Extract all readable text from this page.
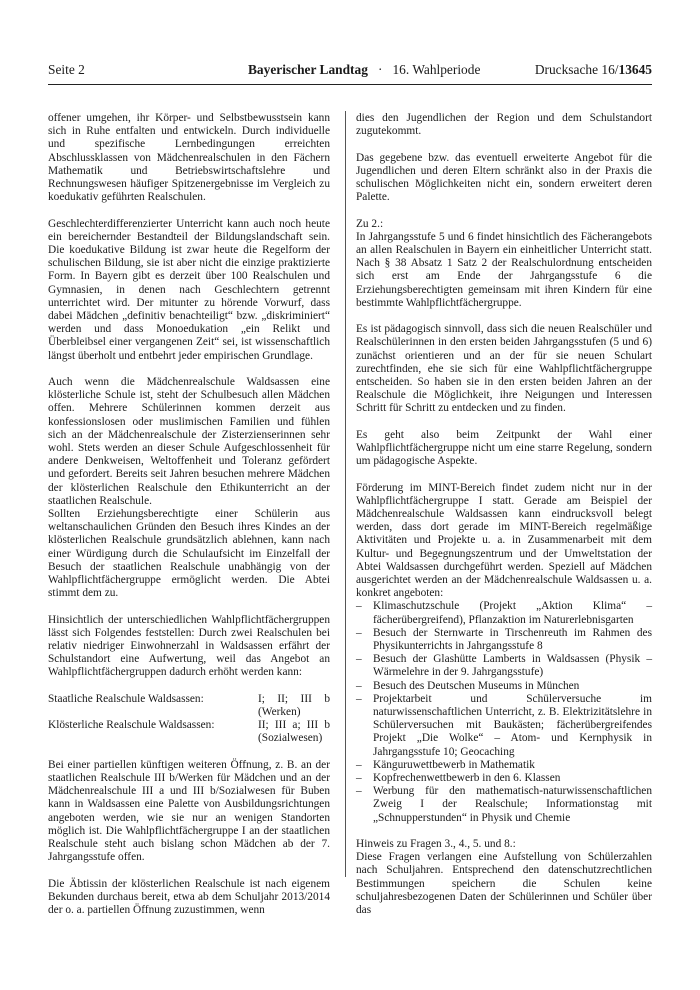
Seite 2	Bayerischer Landtag · 16. Wahlperiode	Drucksache 16/13645

offener umgehen, ihr Körper- und Selbstbewusstsein kann sich in Ruhe entfalten und entwickeln. Durch individuelle und spezifische Lernbedingungen erreichten Abschlussklassen von Mädchenrealschulen in den Fächern Mathematik und Betriebswirtschaftslehre und Rechnungswesen häufiger Spitzenergebnisse im Vergleich zu koedukativ geführten Realschulen.

Geschlechterdifferenzierter Unterricht kann auch noch heute ein bereichernder Bestandteil der Bildungslandschaft sein. Die koedukative Bildung ist zwar heute die Regelform der schulischen Bildung, sie ist aber nicht die einzige praktizierte Form. In Bayern gibt es derzeit über 100 Realschulen und Gymnasien, in denen nach Geschlechtern getrennt unterrichtet wird. Der mitunter zu hörende Vorwurf, dass dabei Mädchen „definitiv benachteiligt“ bzw. „diskriminiert“ werden und dass Monoedukation „ein Relikt und Überbleibsel einer vergangenen Zeit“ sei, ist wissenschaftlich längst überholt und entbehrt jeder empirischen Grundlage.

Auch wenn die Mädchenrealschule Waldsassen eine klösterliche Schule ist, steht der Schulbesuch allen Mädchen offen. Mehrere Schülerinnen kommen derzeit aus konfessionslosen oder muslimischen Familien und fühlen sich an der Mädchenrealschule der Zisterzienserinnen sehr wohl. Stets werden an dieser Schule Aufgeschlossenheit für andere Denkweisen, Weltoffenheit und Toleranz gefördert und gefordert. Bereits seit Jahren besuchen mehrere Mädchen der klösterlichen Realschule den Ethikunterricht an der staatlichen Realschule.

Sollten Erziehungsberechtigte einer Schülerin aus weltanschaulichen Gründen den Besuch ihres Kindes an der klösterlichen Realschule grundsätzlich ablehnen, kann nach einer Würdigung durch die Schulaufsicht im Einzelfall der Besuch der staatlichen Realschule unabhängig von der Wahlpflichtfächergruppe ermöglicht werden. Die Abtei stimmt dem zu.

Hinsichtlich der unterschiedlichen Wahlpflichtfächergruppen lässt sich Folgendes feststellen: Durch zwei Realschulen bei relativ niedriger Einwohnerzahl in Waldsassen erfährt der Schulstandort eine Aufwertung, weil das Angebot an Wahlpflichtfächergruppen dadurch erhöht werden kann:

Staatliche Realschule Waldsassen:	I; II; III b (Werken)
Klösterliche Realschule Waldsassen:	II; III a; III b (Sozialwesen)

Bei einer partiellen künftigen weiteren Öffnung, z. B. an der staatlichen Realschule III b/Werken für Mädchen und an der Mädchenrealschule III a und III b/Sozialwesen für Buben kann in Waldsassen eine Palette von Ausbildungsrichtungen angeboten werden, wie sie nur an wenigen Standorten möglich ist. Die Wahlpflichtfächergruppe I an der staatlichen Realschule steht auch bislang schon Mädchen ab der 7. Jahrgangsstufe offen.

Die Äbtissin der klösterlichen Realschule ist nach eigenem Bekunden durchaus bereit, etwa ab dem Schuljahr 2013/2014 der o. a. partiellen Öffnung zuzustimmen, wenn

dies den Jugendlichen der Region und dem Schulstandort zugutekommt.

Das gegebene bzw. das eventuell erweiterte Angebot für die Jugendlichen und deren Eltern schränkt also in der Praxis die schulischen Möglichkeiten nicht ein, sondern erweitert deren Palette.

Zu 2.:

In Jahrgangsstufe 5 und 6 findet hinsichtlich des Fächerangebots an allen Realschulen in Bayern ein einheitlicher Unterricht statt. Nach § 38 Absatz 1 Satz 2 der Realschulordnung entscheiden sich erst am Ende der Jahrgangsstufe 6 die Erziehungsberechtigten gemeinsam mit ihren Kindern für eine bestimmte Wahlpflichtfächergruppe.

Es ist pädagogisch sinnvoll, dass sich die neuen Realschüler und Realschülerinnen in den ersten beiden Jahrgangsstufen (5 und 6) zunächst orientieren und an der für sie neuen Schulart zurechtfinden, ehe sie sich für eine Wahlpflichtfächergruppe entscheiden. So haben sie in den ersten beiden Jahren an der Realschule die Möglichkeit, ihre Neigungen und Interessen Schritt für Schritt zu entdecken und zu finden.

Es geht also beim Zeitpunkt der Wahl einer Wahlpflichtfächergruppe nicht um eine starre Regelung, sondern um pädagogische Aspekte.

Förderung im MINT-Bereich findet zudem nicht nur in der Wahlpflichtfächergruppe I statt. Gerade am Beispiel der Mädchenrealschule Waldsassen kann eindrucksvoll belegt werden, dass dort gerade im MINT-Bereich regelmäßige Aktivitäten und Projekte u. a. in Zusammenarbeit mit dem Kultur- und Begegnungszentrum und der Umweltstation der Abtei Waldsassen durchgeführt werden. Speziell auf Mädchen ausgerichtet werden an der Mädchenrealschule Waldsassen u. a. konkret angeboten:

– Klimaschutzschule (Projekt „Aktion Klima“ – fächerübergreifend), Pflanzaktion im Naturerlebnisgarten
– Besuch der Sternwarte in Tirschenreuth im Rahmen des Physikunterrichts in Jahrgangsstufe 8
– Besuch der Glashütte Lamberts in Waldsassen (Physik – Wärmelehre in der 9. Jahrgangsstufe)
– Besuch des Deutschen Museums in München
– Projektarbeit und Schülerversuche im naturwissenschaftlichen Unterricht, z. B. Elektrizitätslehre in Schülerversuchen mit Baukästen; fächerübergreifendes Projekt „Die Wolke“ – Atom- und Kernphysik in Jahrgangsstufe 10; Geocaching
– Känguruwettbewerb in Mathematik
– Kopfrechenwettbewerb in den 6. Klassen
– Werbung für den mathematisch-naturwissenschaftlichen Zweig I der Realschule; Informationstag mit „Schnupperstunden“ in Physik und Chemie
Hinweis zu Fragen 3., 4., 5. und 8.:

Diese Fragen verlangen eine Aufstellung von Schülerzahlen nach Schuljahren. Entsprechend den datenschutzrechtlichen Bestimmungen speichern die Schulen keine schuljahresbezogenen Daten der Schülerinnen und Schüler über das
